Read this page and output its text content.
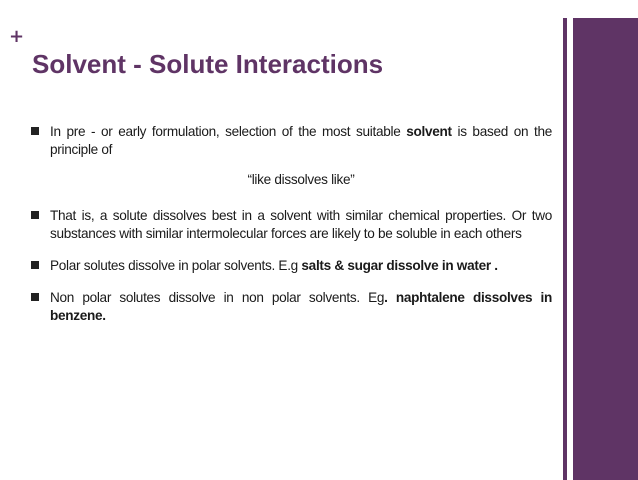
+
Solvent - Solute Interactions
In pre - or early formulation, selection of the most suitable solvent is based on the principle of
“like dissolves like”
That is, a solute dissolves best in a solvent with similar chemical properties. Or two substances with similar intermolecular forces are likely to be soluble in each others
Polar solutes dissolve in polar solvents. E.g salts & sugar dissolve in water .
Non polar solutes dissolve in non polar solvents. Eg. naphtalene dissolves in benzene.
